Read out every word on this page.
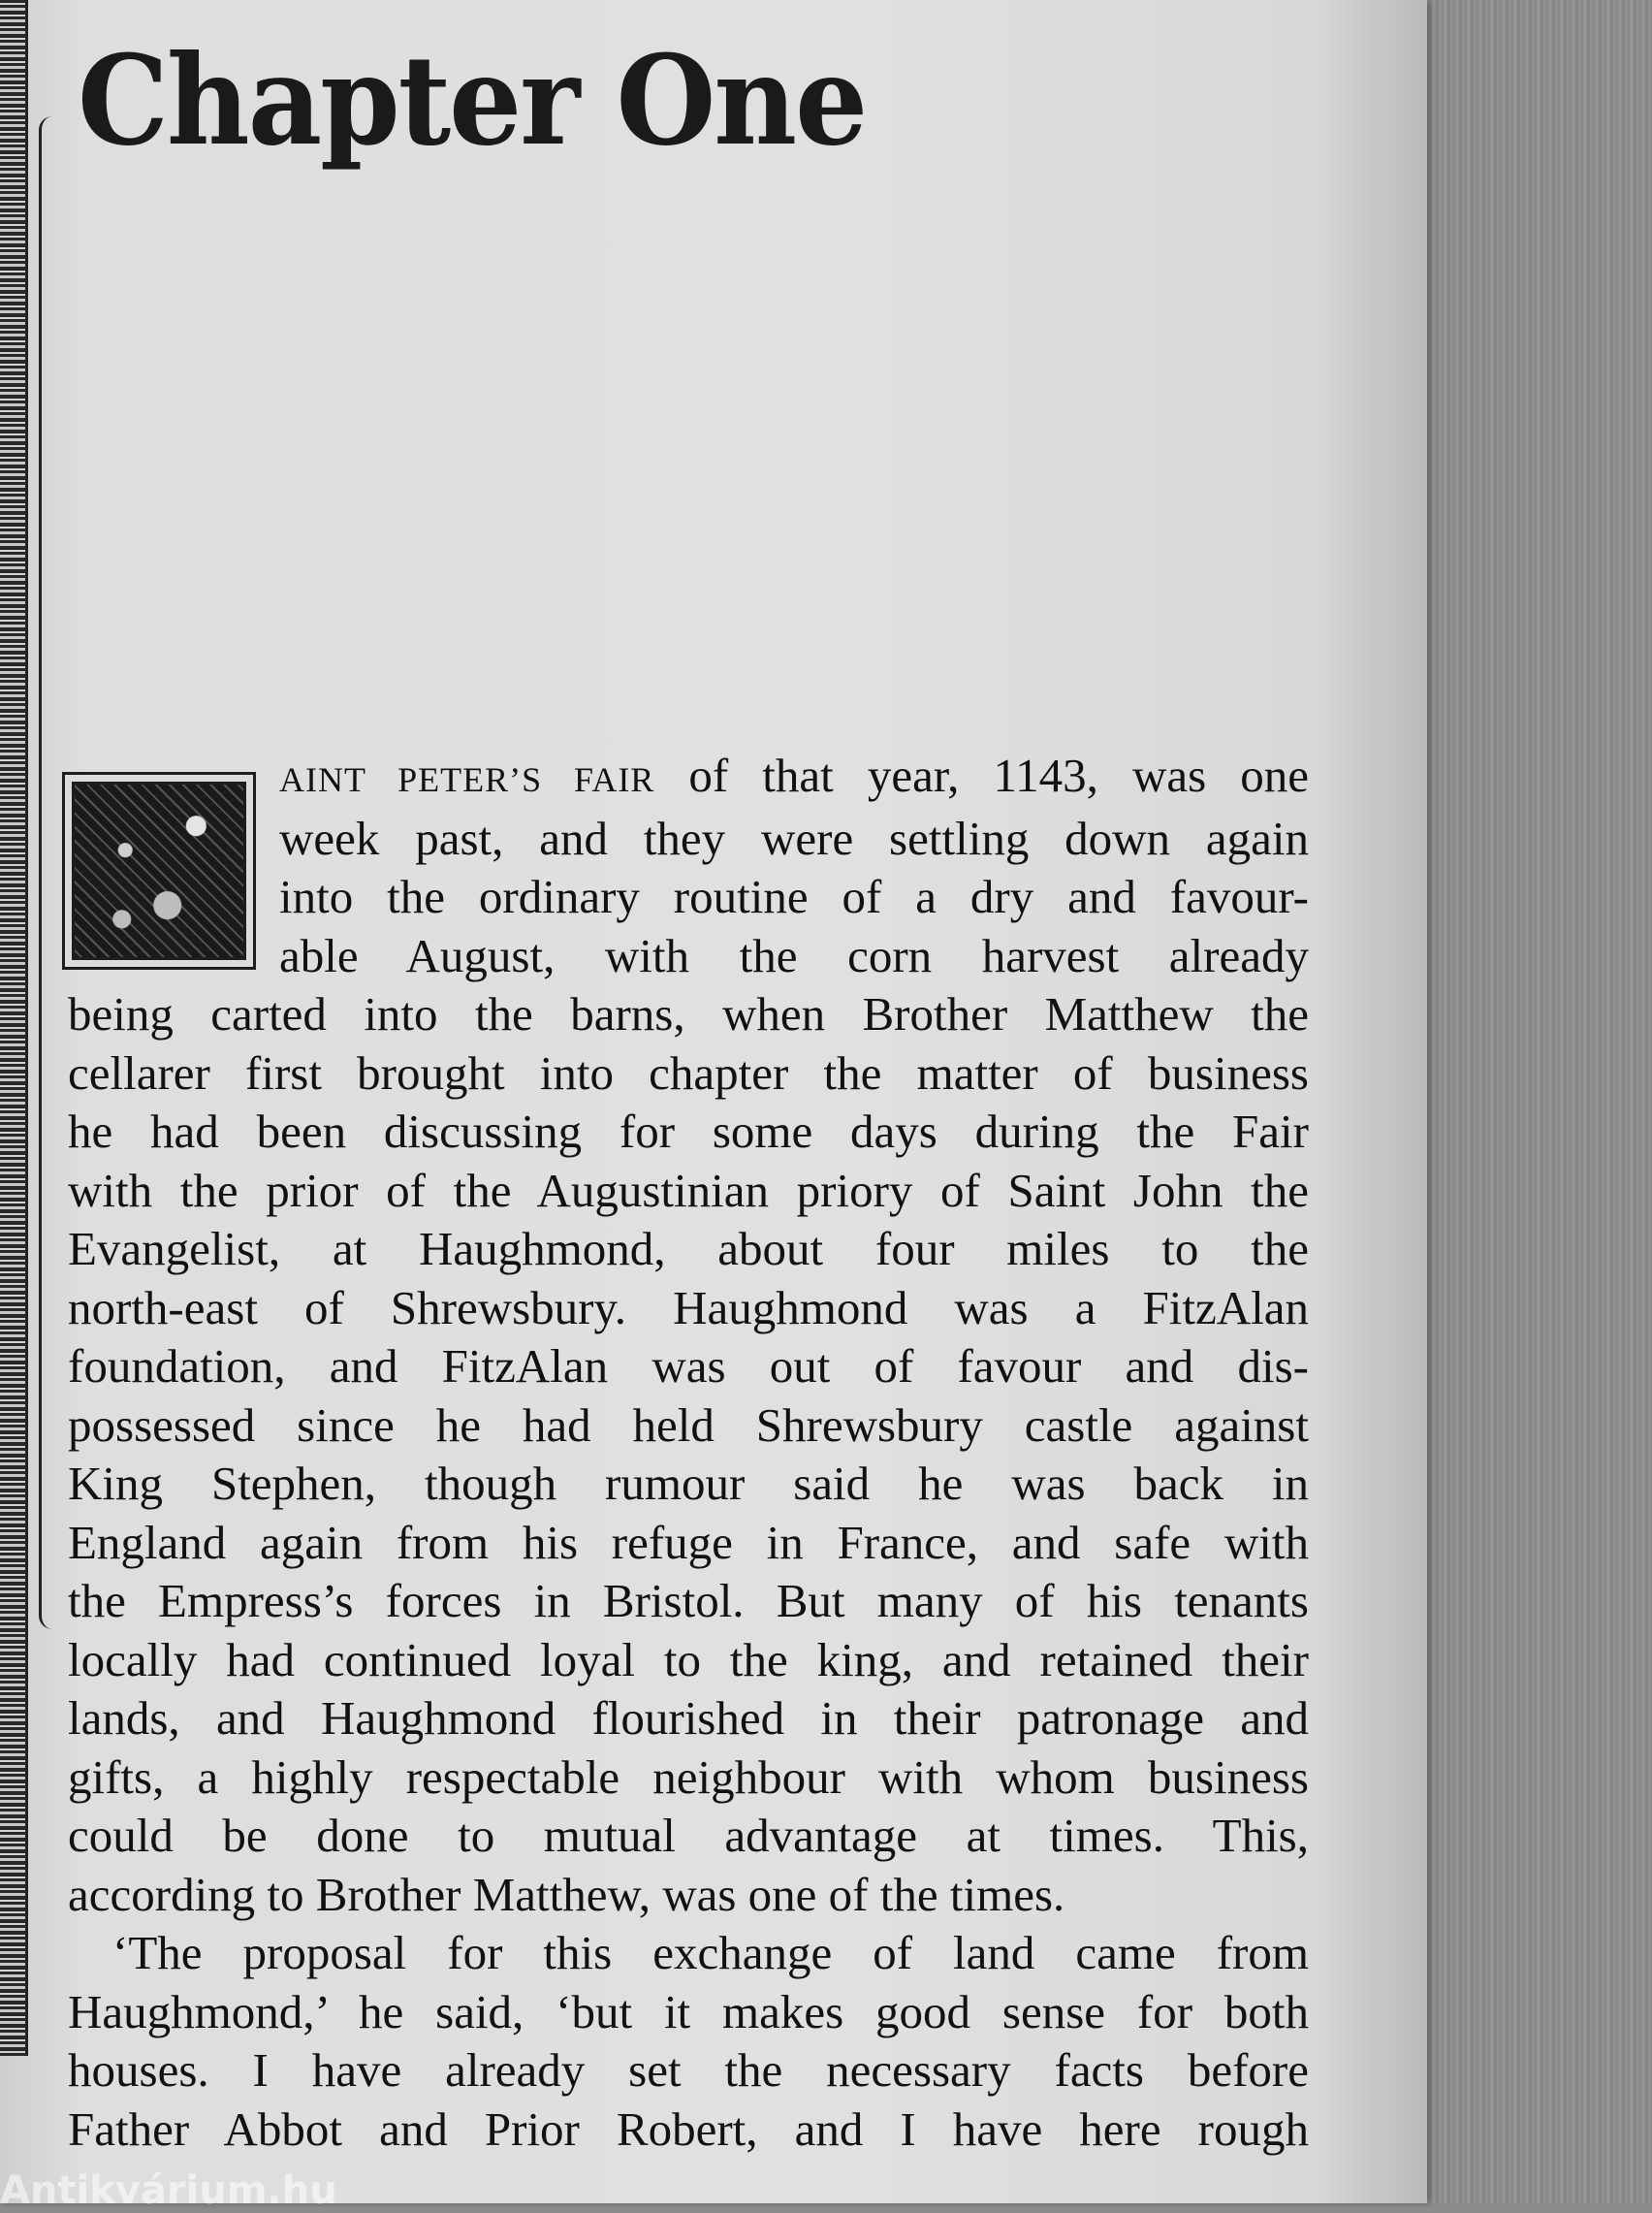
Chapter One

AINT PETER’S FAIR of that year, 1143, was one
week past, and they were settling down again
into the ordinary routine of a dry and favour-
able August, with the corn harvest already
being carted into the barns, when Brother Matthew the
cellarer first brought into chapter the matter of business
he had been discussing for some days during the Fair
with the prior of the Augustinian priory of Saint John the
Evangelist, at Haughmond, about four miles to the
north-east of Shrewsbury. Haughmond was a FitzAlan
foundation, and FitzAlan was out of favour and dis-
possessed since he had held Shrewsbury castle against
King Stephen, though rumour said he was back in
England again from his refuge in France, and safe with
the Empress’s forces in Bristol. But many of his tenants
locally had continued loyal to the king, and retained their
lands, and Haughmond flourished in their patronage and
gifts, a highly respectable neighbour with whom business
could be done to mutual advantage at times. This,
according to Brother Matthew, was one of the times.

‘The proposal for this exchange of land came from
Haughmond,’ he said, ‘but it makes good sense for both
houses. I have already set the necessary facts before
Father Abbot and Prior Robert, and I have here rough

Antikvárium.hu
